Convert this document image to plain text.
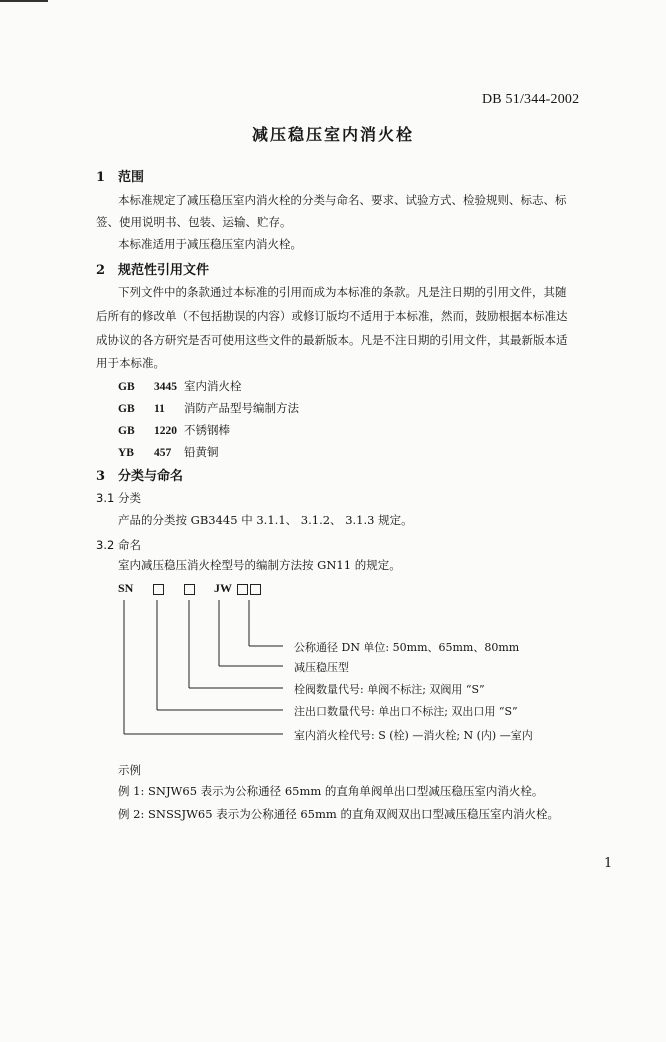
DB 51/344-2002
减压稳压室内消火栓
1 范围
本标准规定了减压稳压室内消火栓的分类与命名、要求、试验方式、检验规则、标志、标
签、使用说明书、包装、运输、贮存。
本标准适用于减压稳压室内消火栓。
2 规范性引用文件
下列文件中的条款通过本标准的引用而成为本标准的条款。凡是注日期的引用文件，其随
后所有的修改单（不包括勘误的内容）或修订版均不适用于本标准，然而，鼓励根据本标准达
成协议的各方研究是否可使用这些文件的最新版本。凡是不注日期的引用文件，其最新版本适
用于本标准。
GB 3445 室内消火栓
GB 11 消防产品型号编制方法
GB 1220 不锈钢棒
YB 457 铅黄铜
3 分类与命名
3.1 分类
产品的分类按 GB3445 中 3.1.1、 3.1.2、 3.1.3 规定。
3.2 命名
室内减压稳压消火栓型号的编制方法按 GN11 的规定。
SN	JW
公称通径 DN 单位: 50mm、65mm、80mm
减压稳压型
栓阀数量代号: 单阀不标注; 双阀用 “S”
注出口数量代号: 单出口不标注; 双出口用 “S”
室内消火栓代号: S (栓) —消火栓; N (内) —室内
示例
例 1: SNJW65 表示为公称通径 65mm 的直角单阀单出口型减压稳压室内消火栓。
例 2: SNSSJW65 表示为公称通径 65mm 的直角双阀双出口型减压稳压室内消火栓。
1
